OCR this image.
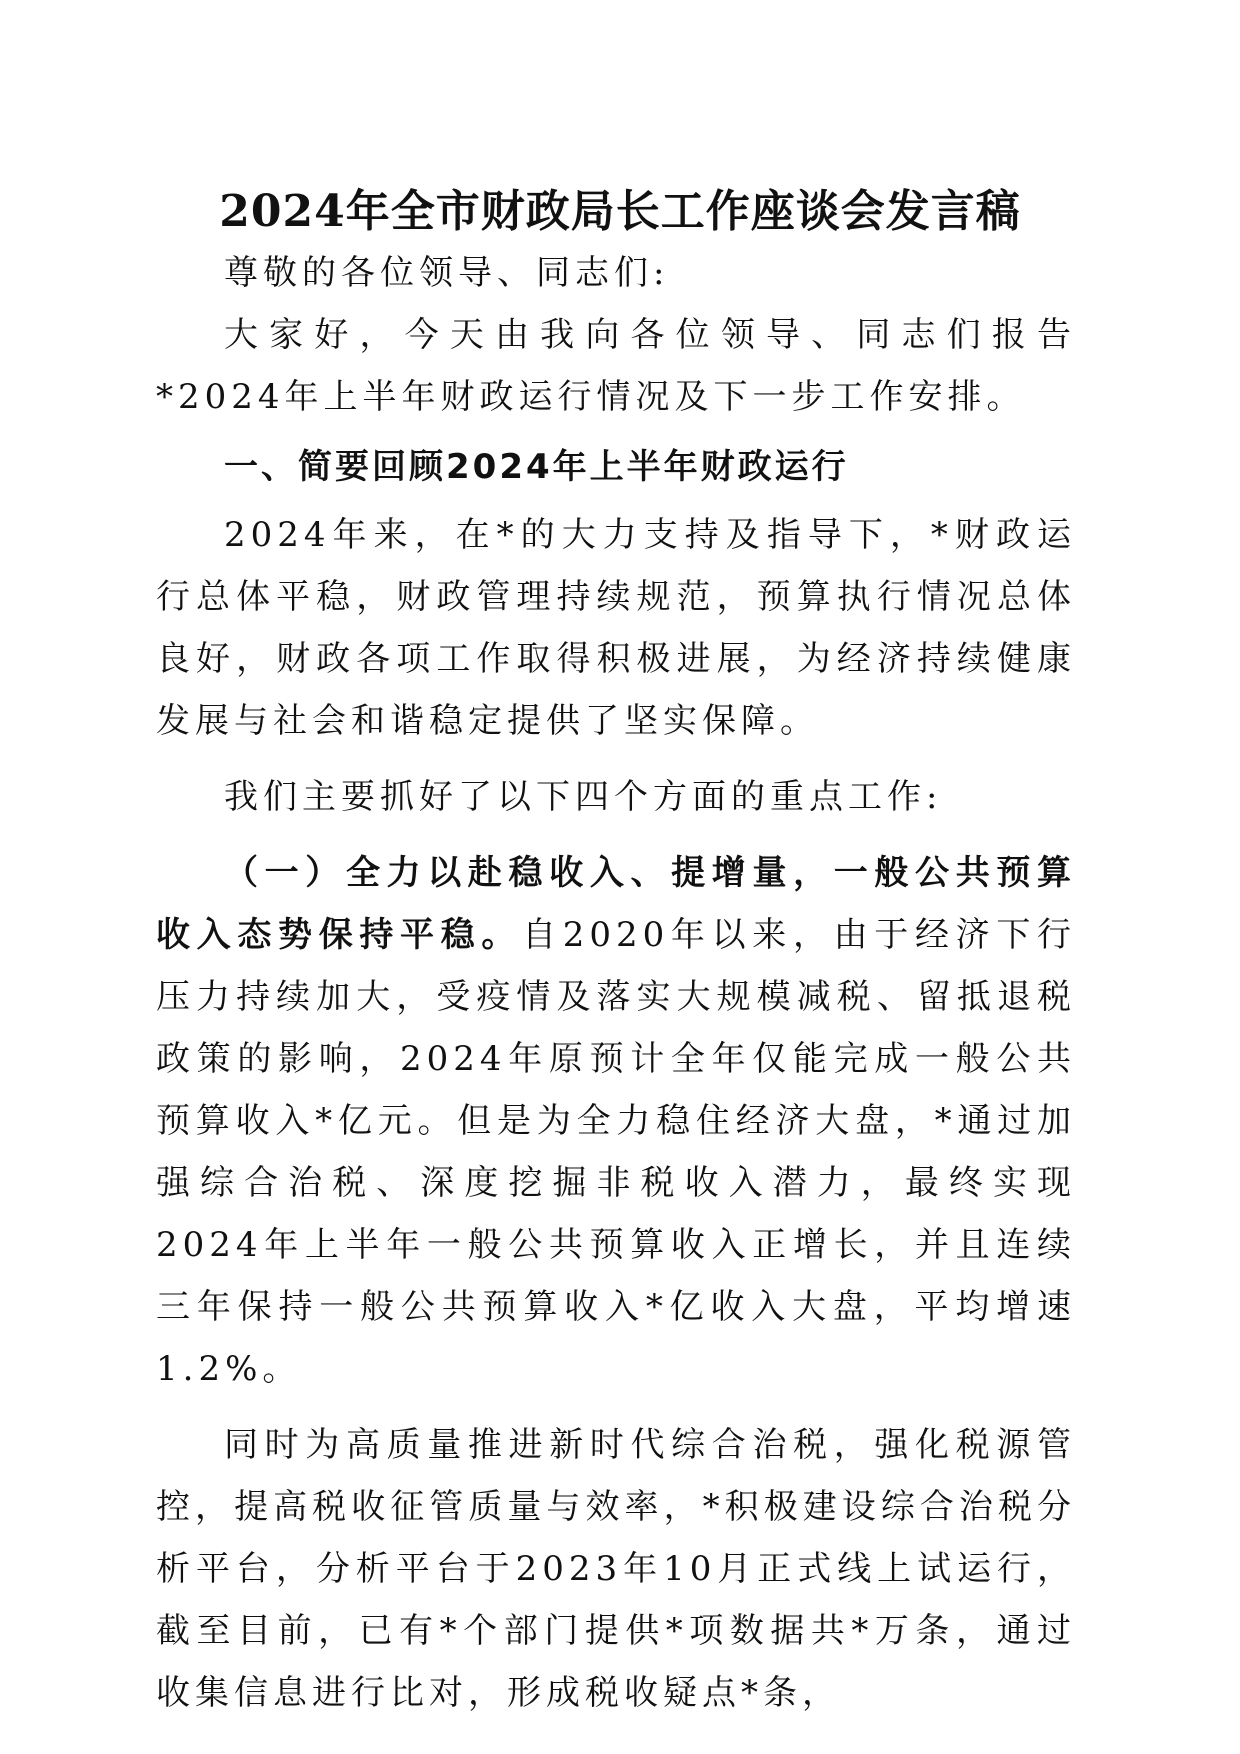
2024年全市财政局长工作座谈会发言稿

尊敬的各位领导、同志们:

大家好，今天由我向各位领导、同志们报告*2024年上半年财政运行情况及下一步工作安排。

一、简要回顾2024年上半年财政运行

2024年来，在*的大力支持及指导下，*财政运行总体平稳，财政管理持续规范，预算执行情况总体良好，财政各项工作取得积极进展，为经济持续健康发展与社会和谐稳定提供了坚实保障。

我们主要抓好了以下四个方面的重点工作:

（一）全力以赴稳收入、提增量，一般公共预算收入态势保持平稳。自2020年以来，由于经济下行压力持续加大，受疫情及落实大规模减税、留抵退税政策的影响，2024年原预计全年仅能完成一般公共预算收入*亿元。但是为全力稳住经济大盘，*通过加强综合治税、深度挖掘非税收入潜力，最终实现2024年上半年一般公共预算收入正增长，并且连续三年保持一般公共预算收入*亿收入大盘，平均增速1.2%。

同时为高质量推进新时代综合治税，强化税源管控，提高税收征管质量与效率，*积极建设综合治税分析平台，分析平台于2023年10月正式线上试运行，截至目前，已有*个部门提供*项数据共*万条，通过收集信息进行比对，形成税收疑点*条，
